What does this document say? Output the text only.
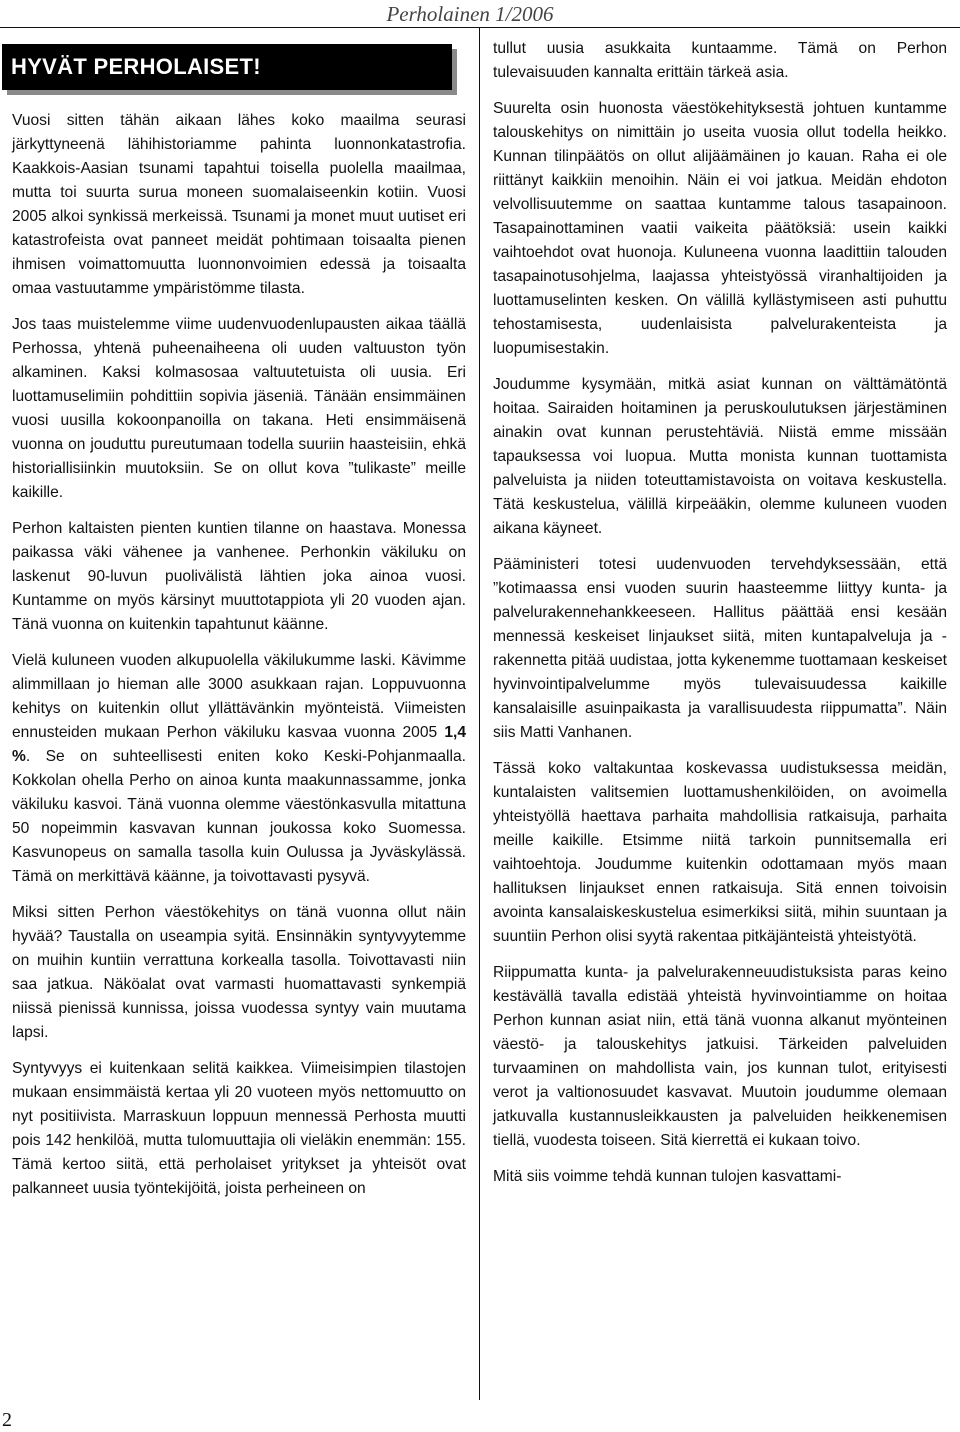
Perholainen 1/2006
HYVÄT PERHOLAISET!

Vuosi sitten tähän aikaan lähes koko maailma seurasi järkyttyneenä lähihistoriamme pahinta luonnonkatastrofia. Kaakkois-Aasian tsunami tapahtui toisella puolella maailmaa, mutta toi suurta surua moneen suomalaiseenkin kotiin. Vuosi 2005 alkoi synkissä merkeissä. Tsunami ja monet muut uutiset eri katastrofeista ovat panneet meidät pohtimaan toisaalta pienen ihmisen voimattomuutta luonnonvoimien edessä ja toisaalta omaa vastuutamme ympäristömme tilasta.

Jos taas muistelemme viime uudenvuodenlupausten aikaa täällä Perhossa, yhtenä puheenaiheena oli uuden valtuuston työn alkaminen. Kaksi kolmasosaa valtuutetuista oli uusia. Eri luottamuselimiin pohdittiin sopivia jäseniä. Tänään ensimmäinen vuosi uusilla kokoonpanoilla on takana. Heti ensimmäisenä vuonna on jouduttu pureutumaan todella suuriin haasteisiin, ehkä historiallisiinkin muutoksiin. Se on ollut kova ”tulikaste” meille kaikille.

Perhon kaltaisten pienten kuntien tilanne on haastava. Monessa paikassa väki vähenee ja vanhenee. Perhonkin väkiluku on laskenut 90-luvun puolivälistä lähtien joka ainoa vuosi. Kuntamme on myös kärsinyt muuttotappiota yli 20 vuoden ajan. Tänä vuonna on kuitenkin tapahtunut käänne.

Vielä kuluneen vuoden alkupuolella väkilukumme laski. Kävimme alimmillaan jo hieman alle 3000 asukkaan rajan. Loppuvuonna kehitys on kuitenkin ollut yllättävänkin myönteistä. Viimeisten ennusteiden mukaan Perhon väkiluku kasvaa vuonna 2005 1,4 %. Se on suhteellisesti eniten koko Keski-Pohjanmaalla. Kokkolan ohella Perho on ainoa kunta maakunnassamme, jonka väkiluku kasvoi. Tänä vuonna olemme väestönkasvulla mitattuna 50 nopeimmin kasvavan kunnan joukossa koko Suomessa. Kasvunopeus on samalla tasolla kuin Oulussa ja Jyväskylässä. Tämä on merkittävä käänne, ja toivottavasti pysyvä.

Miksi sitten Perhon väestökehitys on tänä vuonna ollut näin hyvää? Taustalla on useampia syitä. Ensinnäkin syntyvyytemme on muihin kuntiin verrattuna korkealla tasolla. Toivottavasti niin saa jatkua. Näköalat ovat varmasti huomattavasti synkempiä niissä pienissä kunnissa, joissa vuodessa syntyy vain muutama lapsi.

Syntyvyys ei kuitenkaan selitä kaikkea. Viimeisimpien tilastojen mukaan ensimmäistä kertaa yli 20 vuoteen myös nettomuutto on nyt positiivista. Marraskuun loppuun mennessä Perhosta muutti pois 142 henkilöä, mutta tulomuuttajia oli vieläkin enemmän: 155. Tämä kertoo siitä, että perholaiset yritykset ja yhteisöt ovat palkanneet uusia työntekijöitä, joista perheineen on

tullut uusia asukkaita kuntaamme. Tämä on Perhon tulevaisuuden kannalta erittäin tärkeä asia.

Suurelta osin huonosta väestökehityksestä johtuen kuntamme talouskehitys on nimittäin jo useita vuosia ollut todella heikko. Kunnan tilinpäätös on ollut alijäämäinen jo kauan. Raha ei ole riittänyt kaikkiin menoihin. Näin ei voi jatkua. Meidän ehdoton velvollisuutemme on saattaa kuntamme talous tasapainoon. Tasapainottaminen vaatii vaikeita päätöksiä: usein kaikki vaihtoehdot ovat huonoja. Kuluneena vuonna laadittiin talouden tasapainotusohjelma, laajassa yhteistyössä viranhaltijoiden ja luottamuselinten kesken. On välillä kyllästymiseen asti puhuttu tehostamisesta, uudenlaisista palvelurakenteista ja luopumisestakin.

Joudumme kysymään, mitkä asiat kunnan on välttämätöntä hoitaa. Sairaiden hoitaminen ja peruskoulutuksen järjestäminen ainakin ovat kunnan perustehtäviä. Niistä emme missään tapauksessa voi luopua. Mutta monista kunnan tuottamista palveluista ja niiden toteuttamistavoista on voitava keskustella. Tätä keskustelua, välillä kirpeääkin, olemme kuluneen vuoden aikana käyneet.

Pääministeri totesi uudenvuoden tervehdyksessään, että ”kotimaassa ensi vuoden suurin haasteemme liittyy kunta- ja palvelurakennehankkeeseen. Hallitus päättää ensi kesään mennessä keskeiset linjaukset siitä, miten kuntapalveluja ja -rakennetta pitää uudistaa, jotta kykenemme tuottamaan keskeiset hyvinvointipalvelumme myös tulevaisuudessa kaikille kansalaisille asuinpaikasta ja varallisuudesta riippumatta”. Näin siis Matti Vanhanen.

Tässä koko valtakuntaa koskevassa uudistuksessa meidän, kuntalaisten valitsemien luottamushenkilöiden, on avoimella yhteistyöllä haettava parhaita mahdollisia ratkaisuja, parhaita meille kaikille. Etsimme niitä tarkoin punnitsemalla eri vaihtoehtoja. Joudumme kuitenkin odottamaan myös maan hallituksen linjaukset ennen ratkaisuja. Sitä ennen toivoisin avointa kansalaiskeskustelua esimerkiksi siitä, mihin suuntaan ja suuntiin Perhon olisi syytä rakentaa pitkäjänteistä yhteistyötä.

Riippumatta kunta- ja palvelurakenneuudistuksista paras keino kestävällä tavalla edistää yhteistä hyvinvointiamme on hoitaa Perhon kunnan asiat niin, että tänä vuonna alkanut myönteinen väestö- ja talouskehitys jatkuisi. Tärkeiden palveluiden turvaaminen on mahdollista vain, jos kunnan tulot, erityisesti verot ja valtionosuudet kasvavat. Muutoin joudumme olemaan jatkuvalla kustannusleikkausten ja palveluiden heikkenemisen tiellä, vuodesta toiseen. Sitä kierrettä ei kukaan toivo.

Mitä siis voimme tehdä kunnan tulojen kasvattami-

2
